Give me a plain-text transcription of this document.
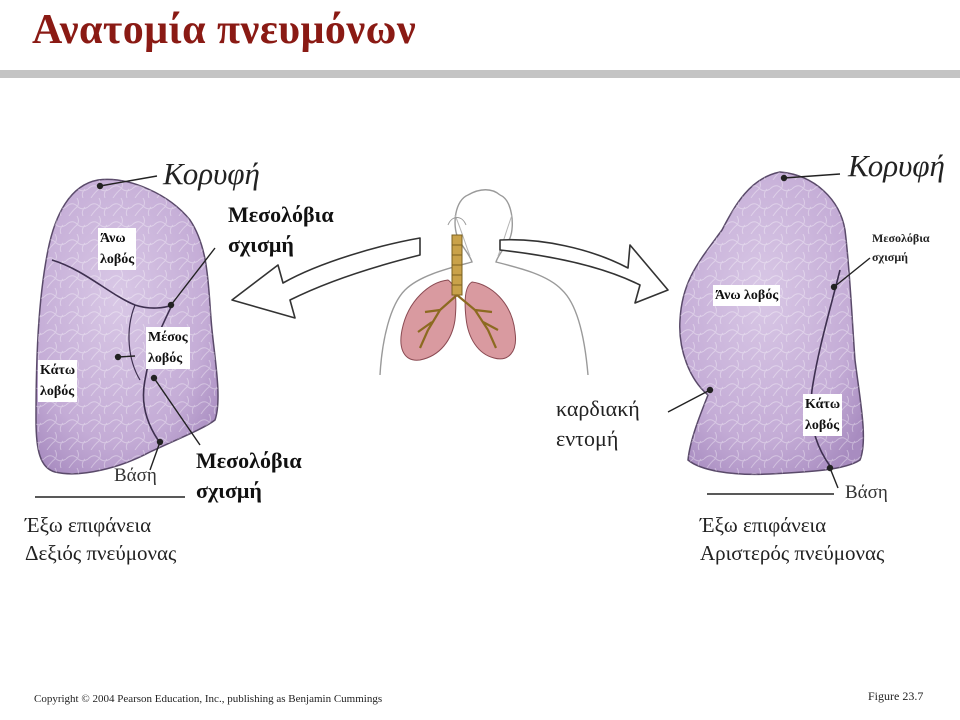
Ανατομία πνευμόνων
Κορυφή
Μεσολόβια
σχισμή
Άνω
λοβός
Μέσος
λοβός
Κάτω
λοβός
Βάση
Μεσολόβια
σχισμή
Έξω επιφάνεια
Δεξιός πνεύμονας
Κορυφή
Μεσολόβια
σχισμή
Άνω λοβός
Κάτω
λοβός
καρδιακή
εντομή
Βάση
Έξω επιφάνεια
Αριστερός πνεύμονας
Copyright © 2004 Pearson Education, Inc., publishing as Benjamin Cummings	Figure 23.7
